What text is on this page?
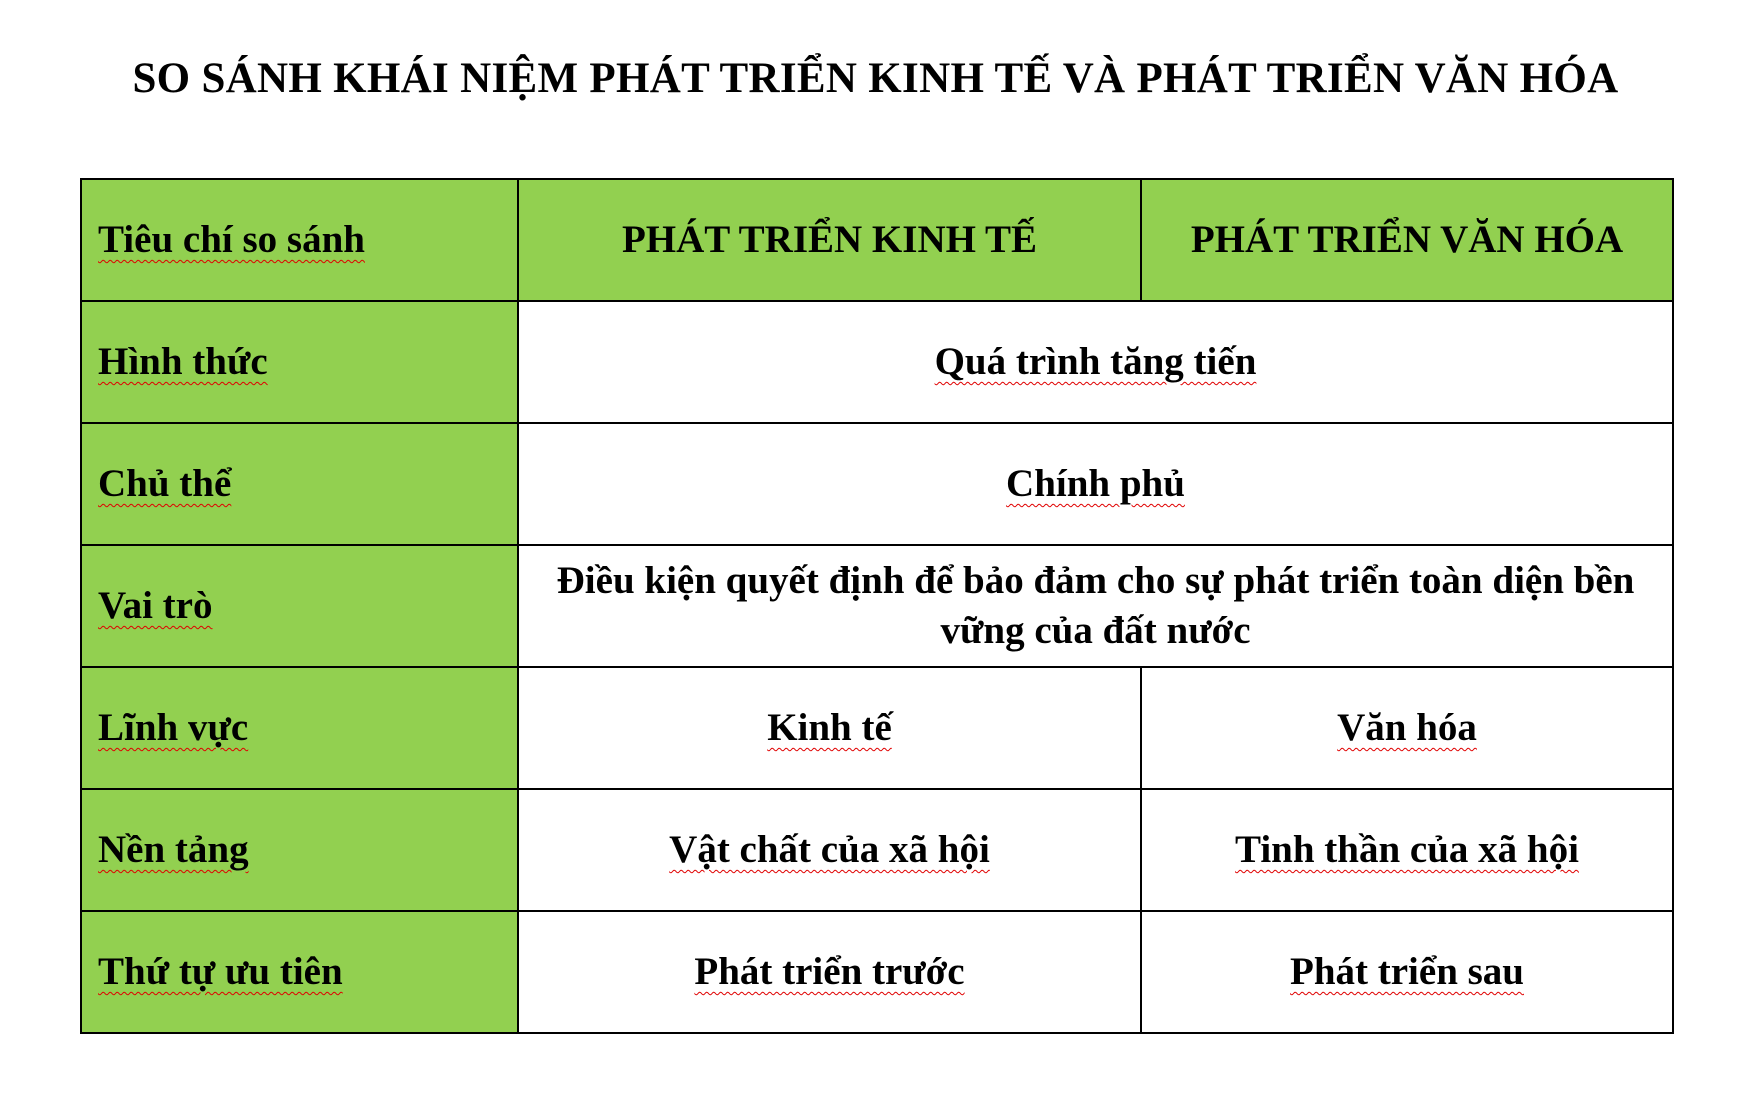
SO SÁNH KHÁI NIỆM PHÁT TRIỂN KINH TẾ VÀ PHÁT TRIỂN VĂN HÓA
Tiêu chí so sánh	PHÁT TRIỂN KINH TẾ	PHÁT TRIỂN VĂN HÓA
Hình thức	Quá trình tăng tiến	
Chủ thể	Chính phủ	
Vai trò	Điều kiện quyết định để bảo đảm cho sự phát triển toàn diện bền vững của đất nước	
Lĩnh vực	Kinh tế	Văn hóa
Nền tảng	Vật chất của xã hội	Tinh thần của xã hội
Thứ tự ưu tiên	Phát triển trước	Phát triển sau
